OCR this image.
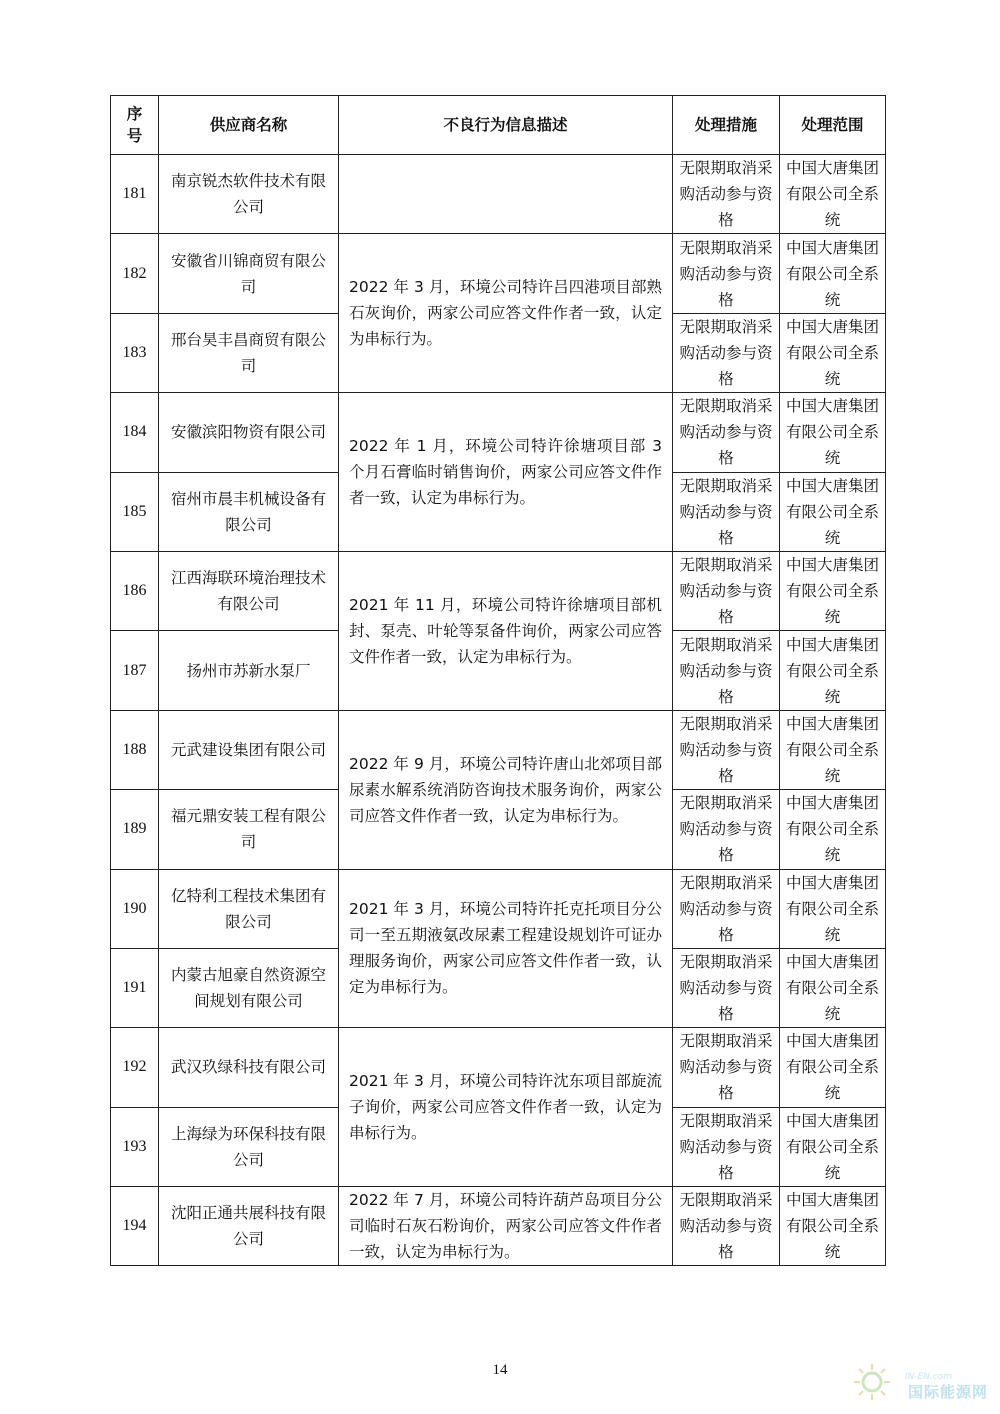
序
号	供应商名称	不良行为信息描述	处理措施	处理范围
181	南京锐杰软件技术有限公司		无限期取消采购活动参与资格	中国大唐集团有限公司全系统
182	安徽省川锦商贸有限公司	2022 年 3 月，环境公司特许吕四港项目部熟石灰询价，两家公司应答文件作者一致，认定为串标行为。	无限期取消采购活动参与资格	中国大唐集团有限公司全系统
183	邢台昊丰昌商贸有限公司		无限期取消采购活动参与资格	中国大唐集团有限公司全系统
184	安徽滨阳物资有限公司	2022 年 1 月，环境公司特许徐塘项目部 3 个月石膏临时销售询价，两家公司应答文件作者一致，认定为串标行为。	无限期取消采购活动参与资格	中国大唐集团有限公司全系统
185	宿州市晨丰机械设备有限公司		无限期取消采购活动参与资格	中国大唐集团有限公司全系统
186	江西海联环境治理技术有限公司	2021 年 11 月，环境公司特许徐塘项目部机封、泵壳、叶轮等泵备件询价，两家公司应答文件作者一致，认定为串标行为。	无限期取消采购活动参与资格	中国大唐集团有限公司全系统
187	扬州市苏新水泵厂		无限期取消采购活动参与资格	中国大唐集团有限公司全系统
188	元武建设集团有限公司	2022 年 9 月，环境公司特许唐山北郊项目部尿素水解系统消防咨询技术服务询价，两家公司应答文件作者一致，认定为串标行为。	无限期取消采购活动参与资格	中国大唐集团有限公司全系统
189	福元鼎安装工程有限公司		无限期取消采购活动参与资格	中国大唐集团有限公司全系统
190	亿特利工程技术集团有限公司	2021 年 3 月，环境公司特许托克托项目分公司一至五期液氨改尿素工程建设规划许可证办理服务询价，两家公司应答文件作者一致，认定为串标行为。	无限期取消采购活动参与资格	中国大唐集团有限公司全系统
191	内蒙古旭豪自然资源空间规划有限公司		无限期取消采购活动参与资格	中国大唐集团有限公司全系统
192	武汉玖绿科技有限公司	2021 年 3 月，环境公司特许沈东项目部旋流子询价，两家公司应答文件作者一致，认定为串标行为。	无限期取消采购活动参与资格	中国大唐集团有限公司全系统
193	上海绿为环保科技有限公司		无限期取消采购活动参与资格	中国大唐集团有限公司全系统
194	沈阳正通共展科技有限公司	2022 年 7 月，环境公司特许葫芦岛项目分公司临时石灰石粉询价，两家公司应答文件作者一致，认定为串标行为。	无限期取消采购活动参与资格	中国大唐集团有限公司全系统
14	IN-EN.com
国际能源网
